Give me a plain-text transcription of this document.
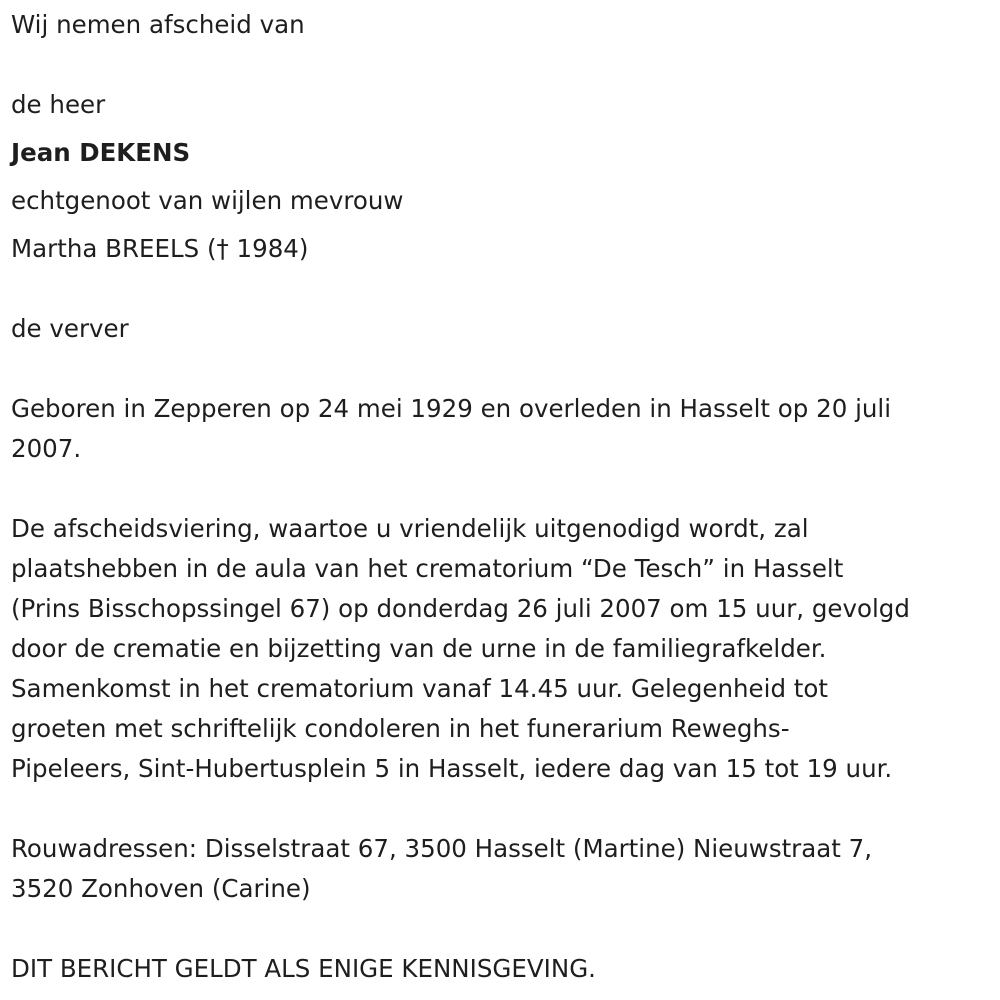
Wij nemen afscheid van
de heer
Jean DEKENS
echtgenoot van wijlen mevrouw
Martha BREELS († 1984)
de verver
Geboren in Zepperen op 24 mei 1929 en overleden in Hasselt op 20 juli
2007.
De afscheidsviering, waartoe u vriendelijk uitgenodigd wordt, zal
plaatshebben in de aula van het crematorium “De Tesch” in Hasselt
(Prins Bisschopssingel 67) op donderdag 26 juli 2007 om 15 uur, gevolgd
door de crematie en bijzetting van de urne in de familiegrafkelder.
Samenkomst in het crematorium vanaf 14.45 uur. Gelegenheid tot
groeten met schriftelijk condoleren in het funerarium Reweghs-
Pipeleers, Sint-Hubertusplein 5 in Hasselt, iedere dag van 15 tot 19 uur.
Rouwadressen: Disselstraat 67, 3500 Hasselt (Martine) Nieuwstraat 7,
3520 Zonhoven (Carine)
DIT BERICHT GELDT ALS ENIGE KENNISGEVING.
